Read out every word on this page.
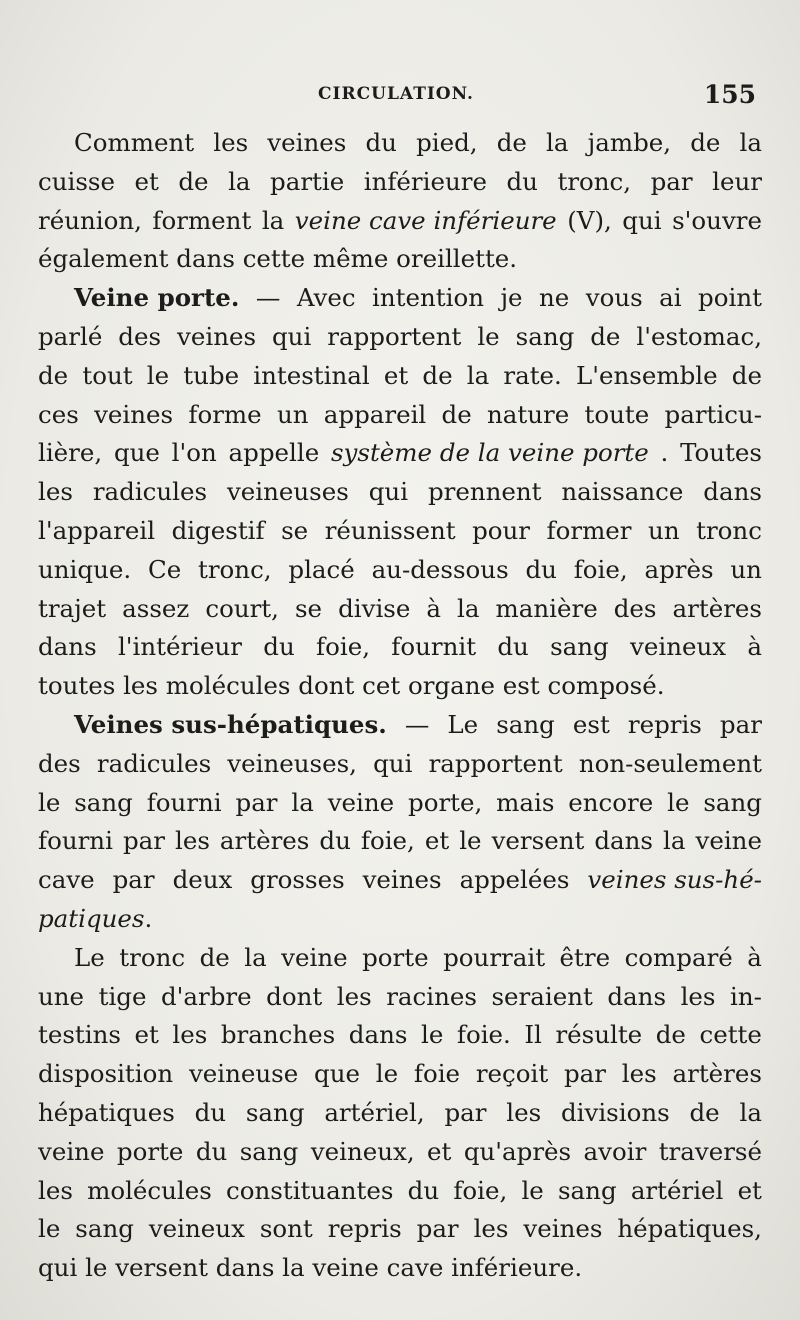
CIRCULATION.	155
Comment les veines du pied, de la jambe, de la
cuisse et de la partie inférieure du tronc, par leur
réunion, forment la veine cave inférieure (V), qui s'ouvre
également dans cette même oreillette.
Veine porte. — Avec intention je ne vous ai point
parlé des veines qui rapportent le sang de l'estomac,
de tout le tube intestinal et de la rate. L'ensemble de
ces veines forme un appareil de nature toute particu-
lière, que l'on appelle système de la veine porte . Toutes
les radicules veineuses qui prennent naissance dans
l'appareil digestif se réunissent pour former un tronc
unique. Ce tronc, placé au-dessous du foie, après un
trajet assez court, se divise à la manière des artères
dans l'intérieur du foie, fournit du sang veineux à
toutes les molécules dont cet organe est composé.
Veines sus-hépatiques. — Le sang est repris par
des radicules veineuses, qui rapportent non-seulement
le sang fourni par la veine porte, mais encore le sang
fourni par les artères du foie, et le versent dans la veine
cave par deux grosses veines appelées veines sus-hé-
patiques .
Le tronc de la veine porte pourrait être comparé à
une tige d'arbre dont les racines seraient dans les in-
testins et les branches dans le foie. Il résulte de cette
disposition veineuse que le foie reçoit par les artères
hépatiques du sang artériel, par les divisions de la
veine porte du sang veineux, et qu'après avoir traversé
les molécules constituantes du foie, le sang artériel et
le sang veineux sont repris par les veines hépatiques,
qui le versent dans la veine cave inférieure.
